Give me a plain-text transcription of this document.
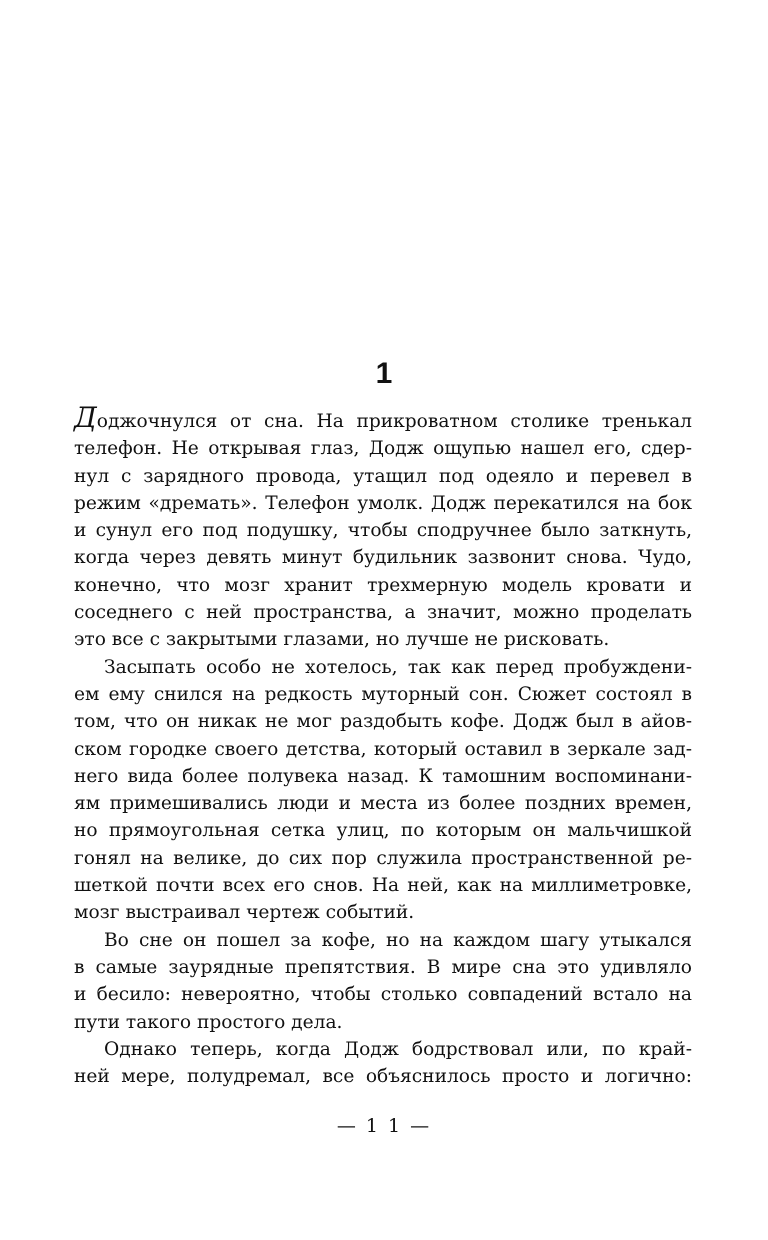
1

Доджочнулся от сна. На прикроватном столике тренькал
телефон. Не открывая глаз, Додж ощупью нашел его, сдер-
нул с зарядного провода, утащил под одеяло и перевел в
режим «дремать». Телефон умолк. Додж перекатился на бок
и сунул его под подушку, чтобы сподручнее было заткнуть,
когда через девять минут будильник зазвонит снова. Чудо,
конечно, что мозг хранит трехмерную модель кровати и
соседнего с ней пространства, а значит, можно проделать
это все с закрытыми глазами, но лучше не рисковать.

Засыпать особо не хотелось, так как перед пробуждени-
ем ему снился на редкость муторный сон. Сюжет состоял в
том, что он никак не мог раздобыть кофе. Додж был в айов-
ском городке своего детства, который оставил в зеркале зад-
него вида более полувека назад. К тамошним воспоминани-
ям примешивались люди и места из более поздних времен,
но прямоугольная сетка улиц, по которым он мальчишкой
гонял на велике, до сих пор служила пространственной ре-
шеткой почти всех его снов. На ней, как на миллиметровке,
мозг выстраивал чертеж событий.

Во сне он пошел за кофе, но на каждом шагу утыкался
в самые заурядные препятствия. В мире сна это удивляло
и бесило: невероятно, чтобы столько совпадений встало на
пути такого простого дела.

Однако теперь, когда Додж бодрствовал или, по край-
ней мере, полудремал, все объяснилось просто и логично:

— 1 1 —
